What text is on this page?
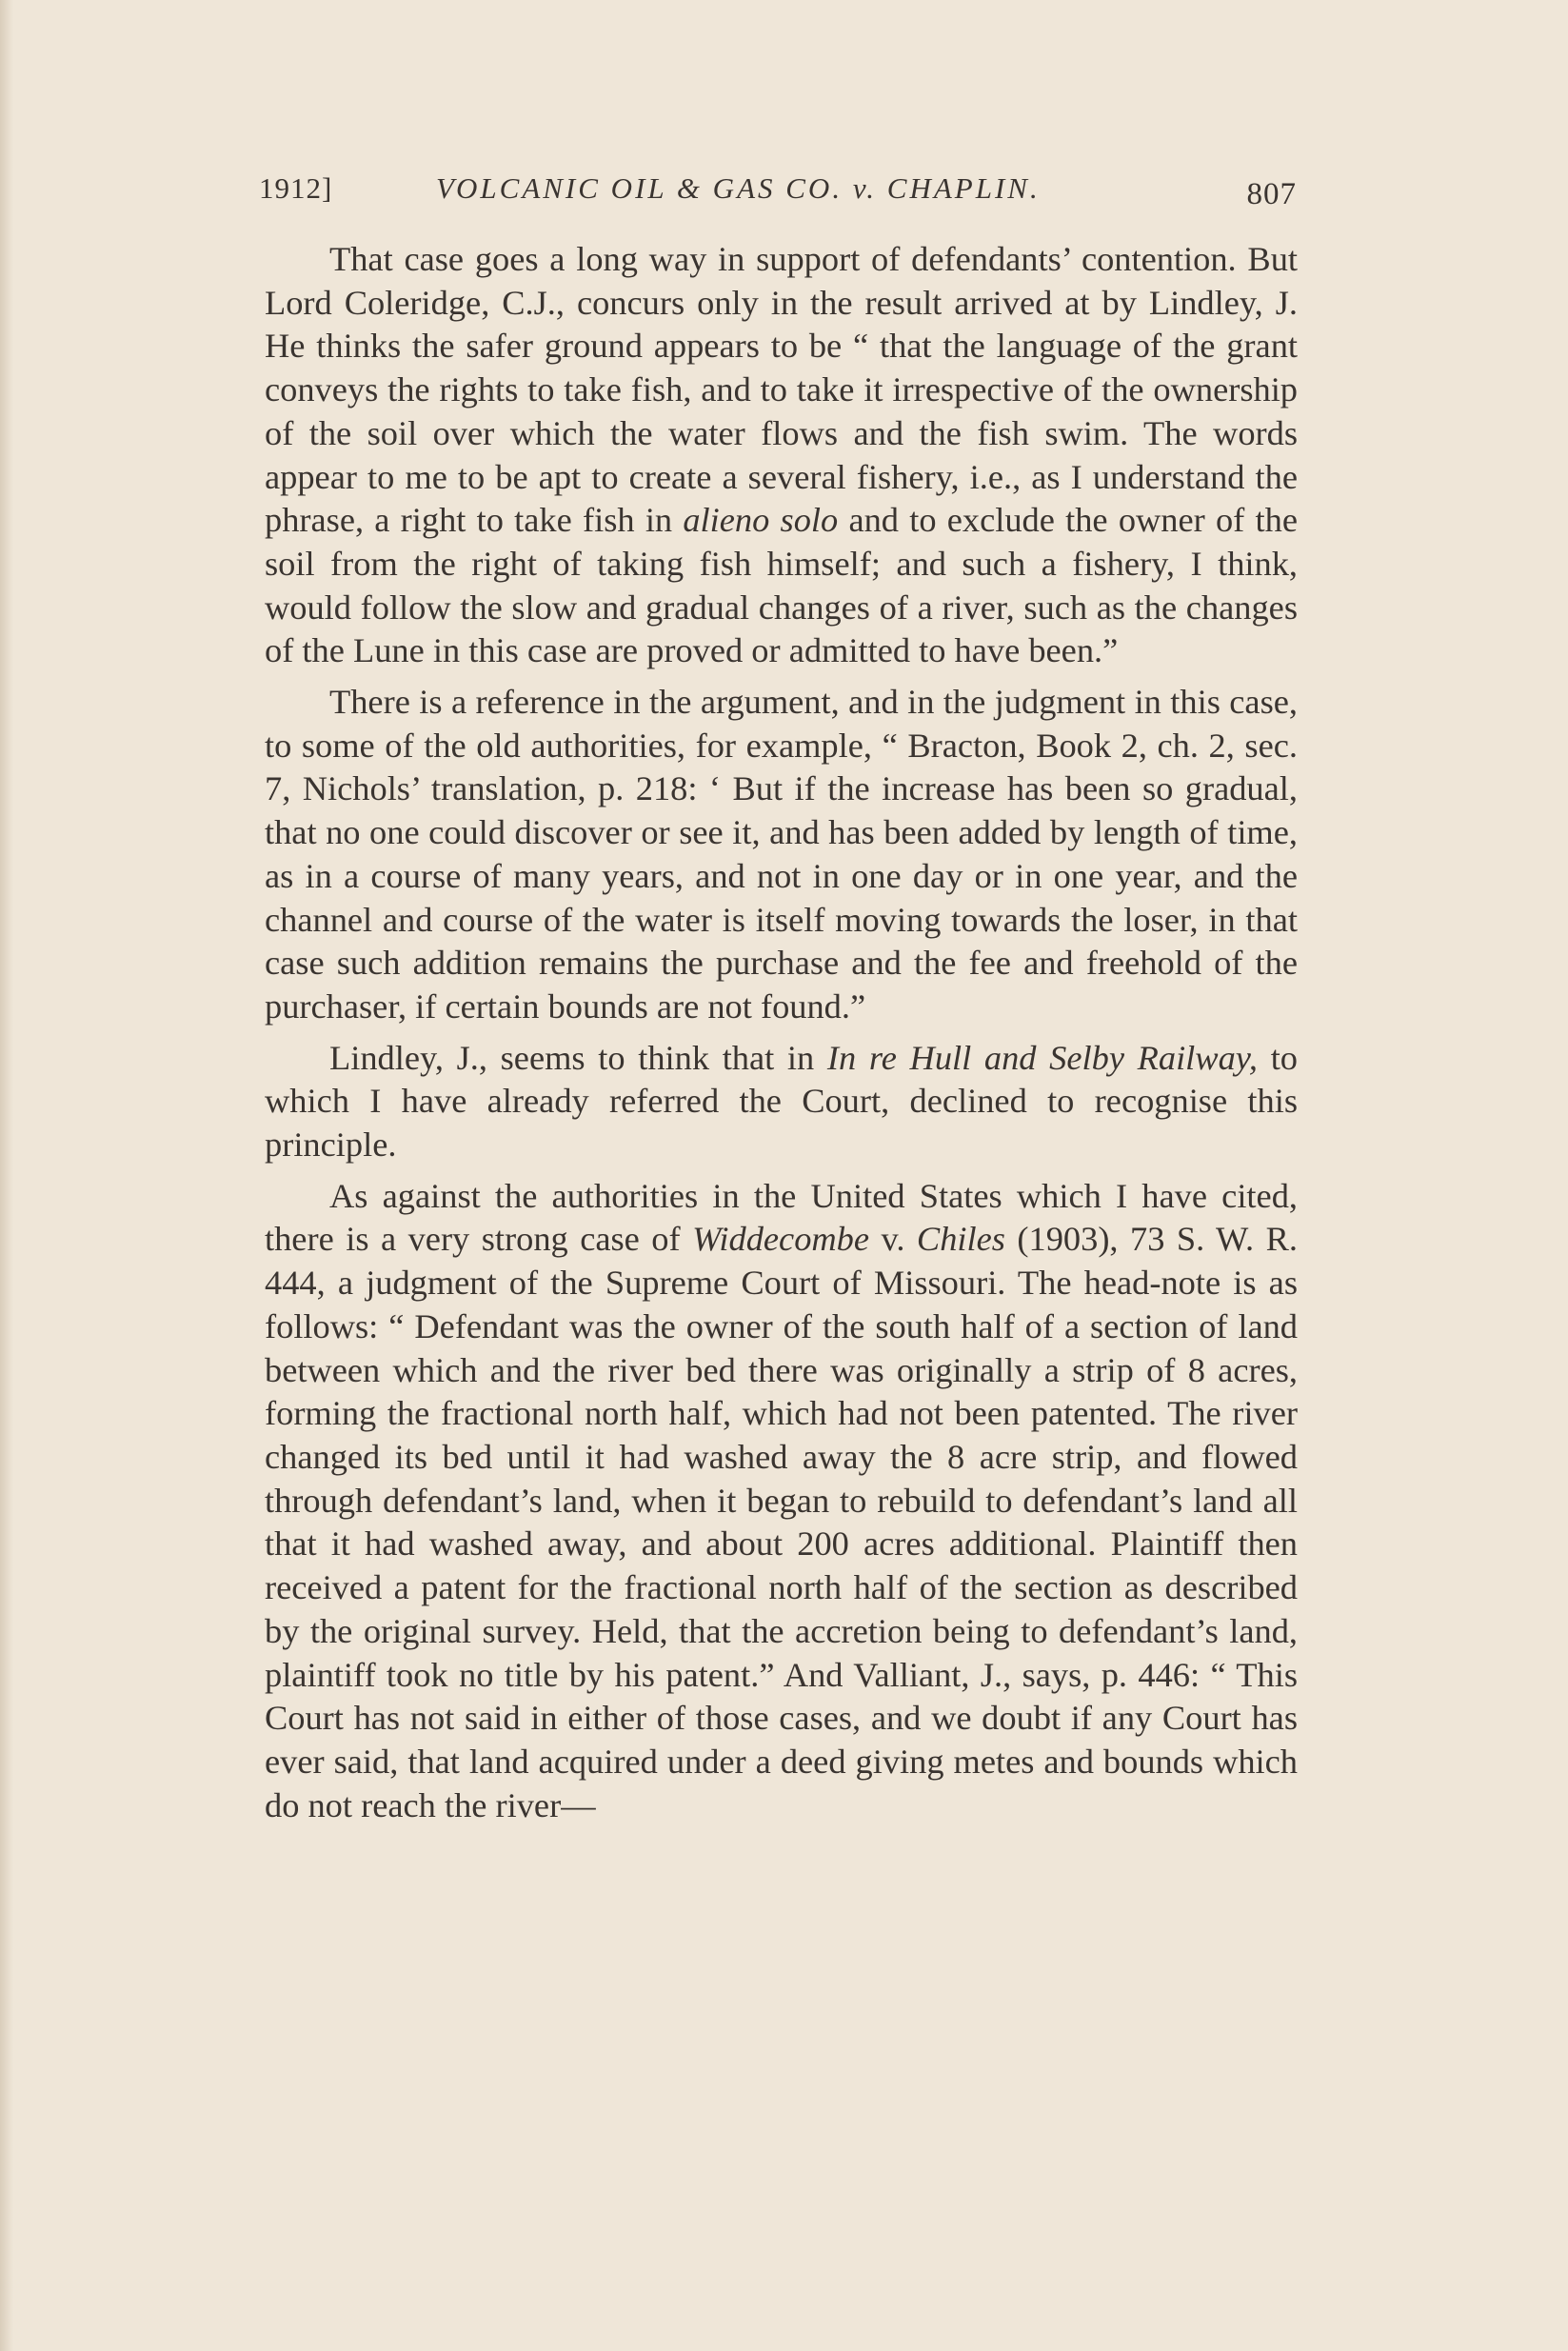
1912]	VOLCANIC OIL & GAS CO. v. CHAPLIN.	807

That case goes a long way in support of defendants’ contention. But Lord Coleridge, C.J., concurs only in the result arrived at by Lindley, J. He thinks the safer ground appears to be “ that the language of the grant conveys the rights to take fish, and to take it irrespective of the ownership of the soil over which the water flows and the fish swim. The words appear to me to be apt to create a several fishery, i.e., as I understand the phrase, a right to take fish in alieno solo and to exclude the owner of the soil from the right of taking fish himself; and such a fishery, I think, would follow the slow and gradual changes of a river, such as the changes of the Lune in this case are proved or admitted to have been.”

There is a reference in the argument, and in the judgment in this case, to some of the old authorities, for example, “ Bracton, Book 2, ch. 2, sec. 7, Nichols’ translation, p. 218: ‘ But if the increase has been so gradual, that no one could discover or see it, and has been added by length of time, as in a course of many years, and not in one day or in one year, and the channel and course of the water is itself moving towards the loser, in that case such addition remains the purchase and the fee and freehold of the purchaser, if certain bounds are not found.”

Lindley, J., seems to think that in In re Hull and Selby Railway, to which I have already referred the Court, declined to recognise this principle.

As against the authorities in the United States which I have cited, there is a very strong case of Widdecombe v. Chiles (1903), 73 S. W. R. 444, a judgment of the Supreme Court of Missouri. The head-note is as follows: “ Defendant was the owner of the south half of a section of land between which and the river bed there was originally a strip of 8 acres, forming the fractional north half, which had not been patented. The river changed its bed until it had washed away the 8 acre strip, and flowed through defendant’s land, when it began to rebuild to defendant’s land all that it had washed away, and about 200 acres additional. Plaintiff then received a patent for the fractional north half of the section as described by the original survey. Held, that the accretion being to defendant’s land, plaintiff took no title by his patent.” And Valliant, J., says, p. 446: “ This Court has not said in either of those cases, and we doubt if any Court has ever said, that land acquired under a deed giving metes and bounds which do not reach the river—
